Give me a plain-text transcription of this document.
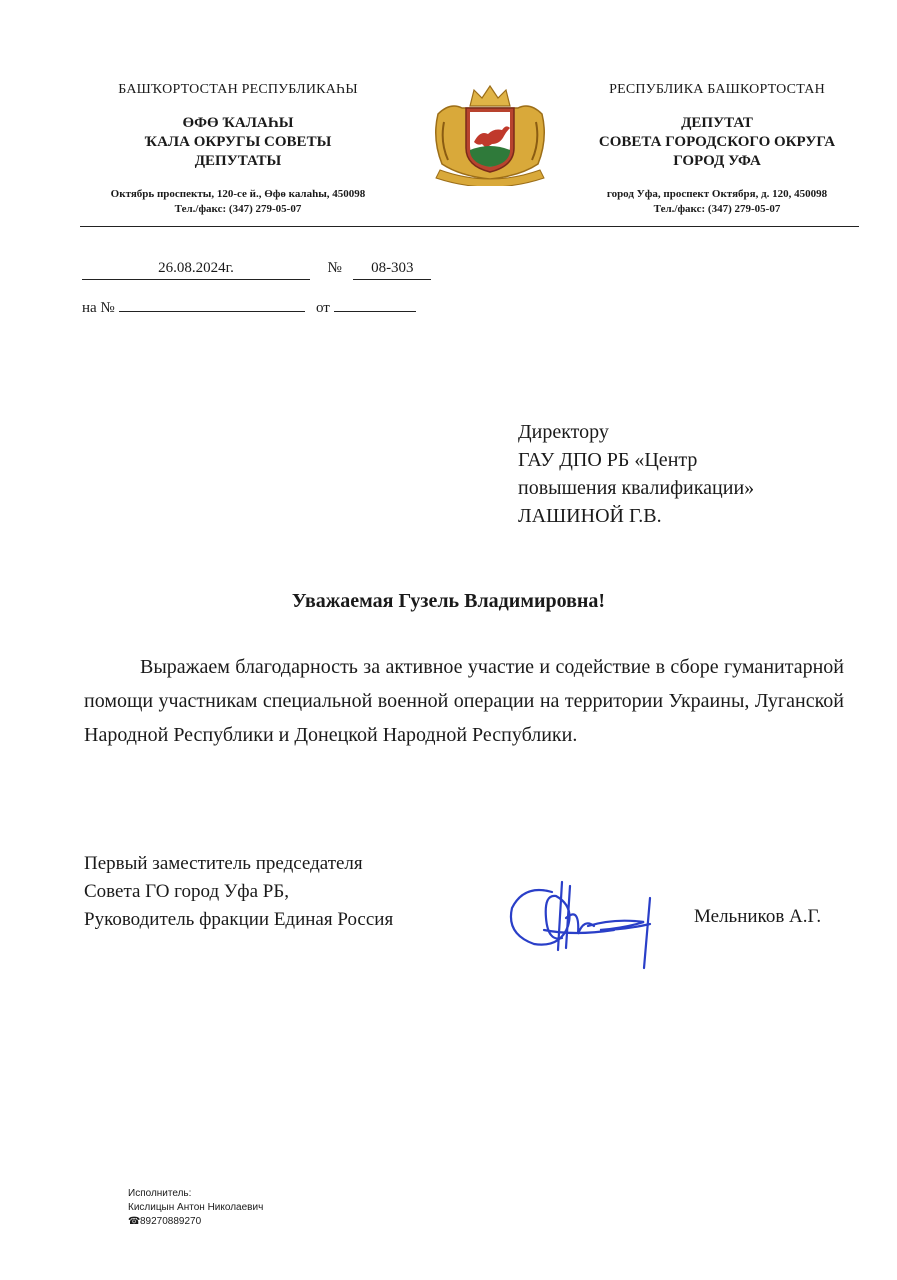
БАШҠОРТОСТАН РЕСПУБЛИКАҺЫ
ӨФӨ ҠАЛАҺЫ
ҠАЛА ОКРУГЫ СОВЕТЫ
ДЕПУТАТЫ
Октябрь проспекты, 120-се й., Өфө калаһы, 450098
Тел./факс: (347) 279-05-07
РЕСПУБЛИКА БАШКОРТОСТАН
ДЕПУТАТ
СОВЕТА ГОРОДСКОГО ОКРУГА
ГОРОД УФА
город Уфа, проспект Октября, д. 120, 450098
Тел./факс: (347) 279-05-07
26.08.2024г.	№ 08-303
на №	от
Директору
ГАУ ДПО РБ «Центр
повышения квалификации»
ЛАШИНОЙ Г.В.
Уважаемая Гузель Владимировна!
Выражаем благодарность за активное участие и содействие в сборе гуманитарной помощи участникам специальной военной операции на территории Украины, Луганской Народной Республики и Донецкой Народной Республики.
Первый заместитель председателя
Совета ГО город Уфа РБ,
Руководитель фракции Единая Россия	Мельников А.Г.
Исполнитель:
Кислицын Антон Николаевич
☎89270889270
